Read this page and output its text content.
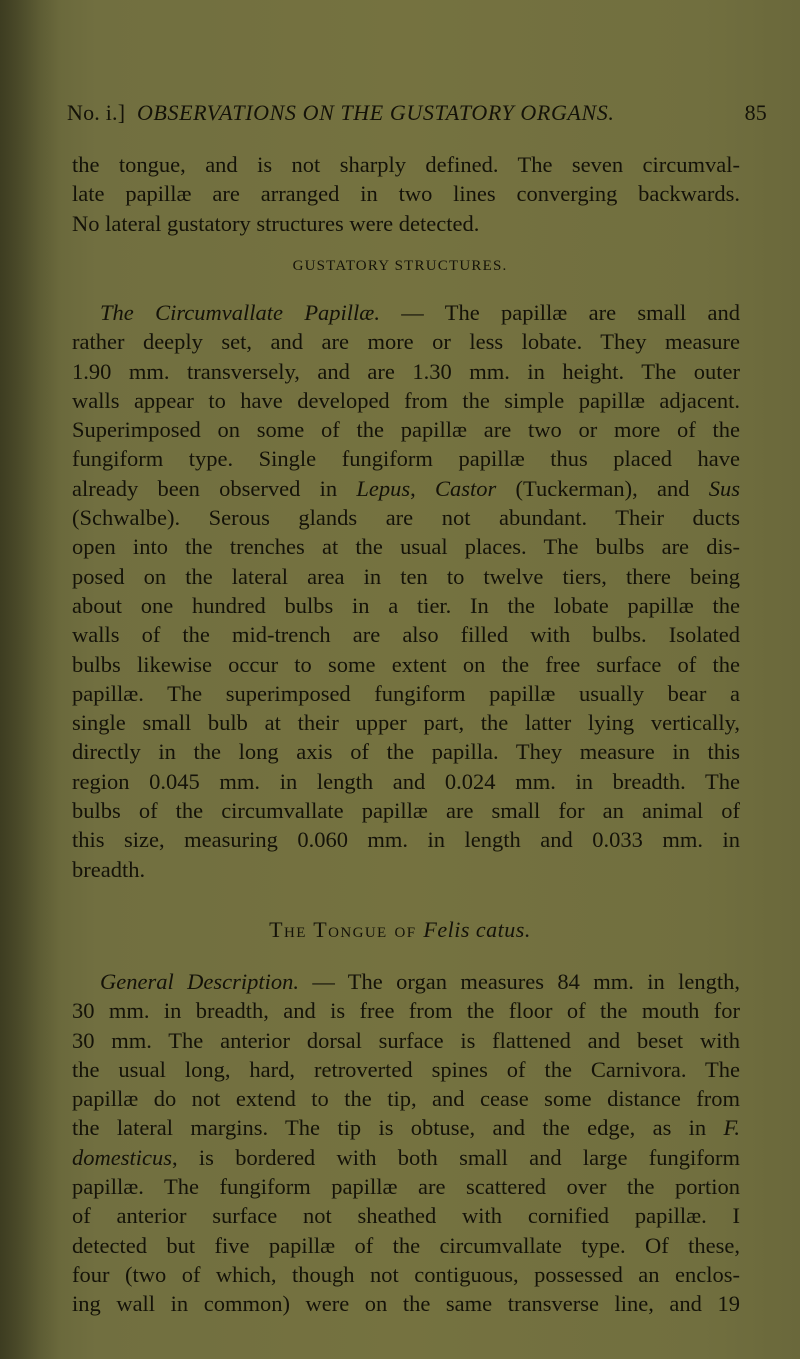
No. i.] OBSERVATIONS ON THE GUSTATORY ORGANS.	85
the tongue, and is not sharply defined. The seven circumval-
late papillæ are arranged in two lines converging backwards.
No lateral gustatory structures were detected.
GUSTATORY STRUCTURES.
The Circumvallate Papillæ. — The papillæ are small and
rather deeply set, and are more or less lobate. They measure
1.90 mm. transversely, and are 1.30 mm. in height. The outer
walls appear to have developed from the simple papillæ adjacent.
Superimposed on some of the papillæ are two or more of the
fungiform type. Single fungiform papillæ thus placed have
already been observed in Lepus, Castor (Tuckerman), and Sus
(Schwalbe). Serous glands are not abundant. Their ducts
open into the trenches at the usual places. The bulbs are dis-
posed on the lateral area in ten to twelve tiers, there being
about one hundred bulbs in a tier. In the lobate papillæ the
walls of the mid-trench are also filled with bulbs. Isolated
bulbs likewise occur to some extent on the free surface of the
papillæ. The superimposed fungiform papillæ usually bear a
single small bulb at their upper part, the latter lying vertically,
directly in the long axis of the papilla. They measure in this
region 0.045 mm. in length and 0.024 mm. in breadth. The
bulbs of the circumvallate papillæ are small for an animal of
this size, measuring 0.060 mm. in length and 0.033 mm. in
breadth.
The Tongue of Felis catus.
General Description. — The organ measures 84 mm. in length,
30 mm. in breadth, and is free from the floor of the mouth for
30 mm. The anterior dorsal surface is flattened and beset with
the usual long, hard, retroverted spines of the Carnivora. The
papillæ do not extend to the tip, and cease some distance from
the lateral margins. The tip is obtuse, and the edge, as in F.
domesticus, is bordered with both small and large fungiform
papillæ. The fungiform papillæ are scattered over the portion
of anterior surface not sheathed with cornified papillæ. I
detected but five papillæ of the circumvallate type. Of these,
four (two of which, though not contiguous, possessed an enclos-
ing wall in common) were on the same transverse line, and 19
